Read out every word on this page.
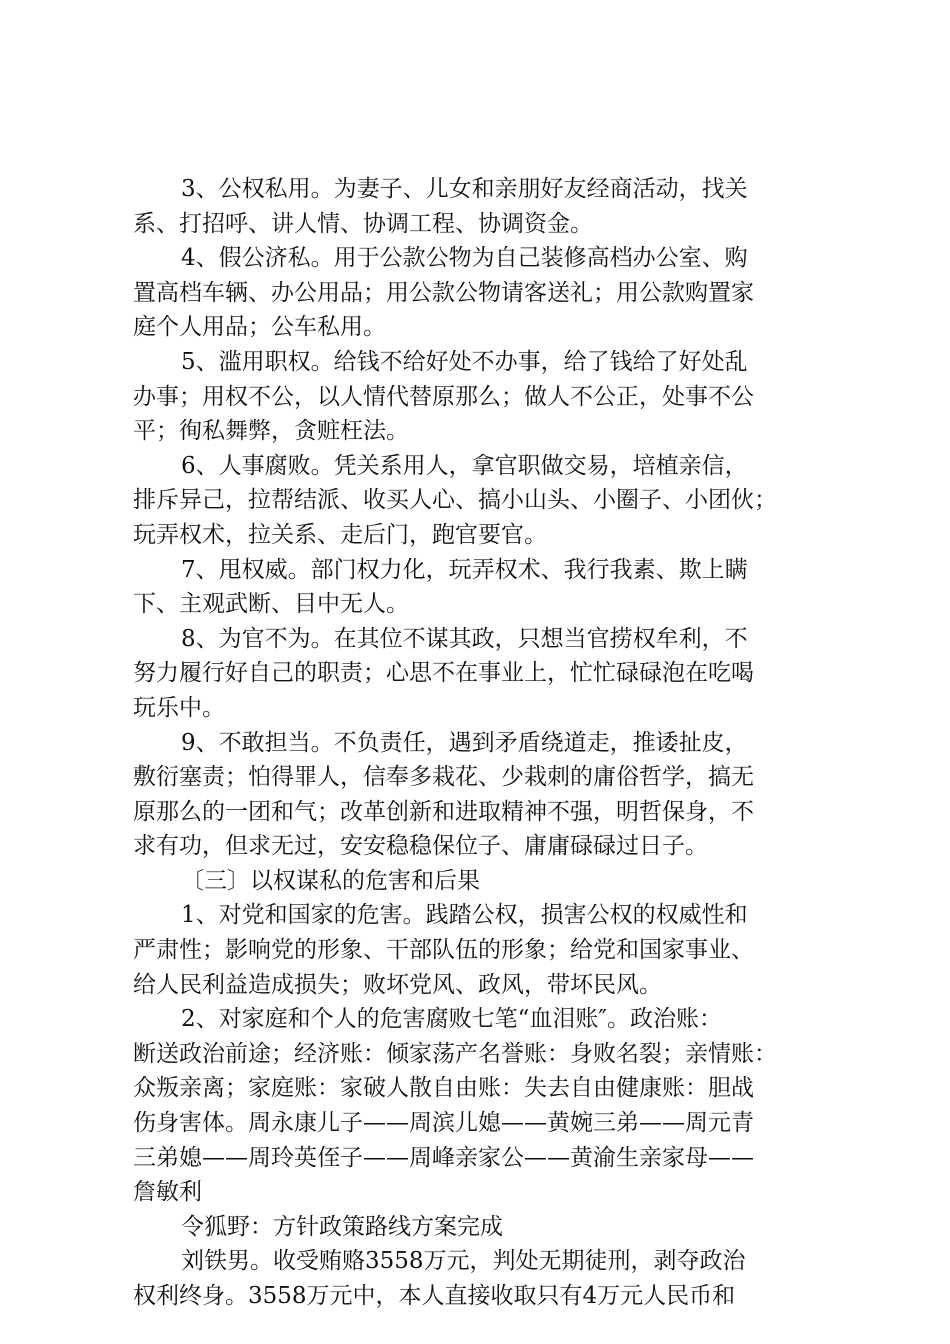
3、公权私用。为妻子、儿女和亲朋好友经商活动，找关
系、打招呼、讲人情、协调工程、协调资金。
4、假公济私。用于公款公物为自己装修高档办公室、购
置高档车辆、办公用品；用公款公物请客送礼；用公款购置家
庭个人用品；公车私用。
5、滥用职权。给钱不给好处不办事，给了钱给了好处乱
办事；用权不公，以人情代替原那么；做人不公正，处事不公
平；徇私舞弊，贪赃枉法。
6、人事腐败。凭关系用人，拿官职做交易，培植亲信，
排斥异己，拉帮结派、收买人心、搞小山头、小圈子、小团伙；
玩弄权术，拉关系、走后门，跑官要官。
7、甩权威。部门权力化，玩弄权术、我行我素、欺上瞒
下、主观武断、目中无人。
8、为官不为。在其位不谋其政，只想当官捞权牟利，不
努力履行好自己的职责；心思不在事业上，忙忙碌碌泡在吃喝
玩乐中。
9、不敢担当。不负责任，遇到矛盾绕道走，推诿扯皮，
敷衍塞责；怕得罪人，信奉多栽花、少栽刺的庸俗哲学，搞无
原那么的一团和气；改革创新和进取精神不强，明哲保身，不
求有功，但求无过，安安稳稳保位子、庸庸碌碌过日子。
〔三〕以权谋私的危害和后果
1、对党和国家的危害。践踏公权，损害公权的权威性和
严肃性；影响党的形象、干部队伍的形象；给党和国家事业、
给人民利益造成损失；败坏党风、政风，带坏民风。
2、对家庭和个人的危害腐败七笔“血泪账″。政治账：
断送政治前途；经济账：倾家荡产名誉账：身败名裂；亲情账：
众叛亲离；家庭账：家破人散自由账：失去自由健康账：胆战
伤身害体。周永康儿子——周滨儿媳——黄婉三弟——周元青
三弟媳——周玲英侄子——周峰亲家公——黄渝生亲家母——
詹敏利
令狐野：方针政策路线方案完成
刘铁男。收受贿赂3558万元，判处无期徒刑，剥夺政治
权利终身。3558万元中，本人直接收取只有4万元人民币和
